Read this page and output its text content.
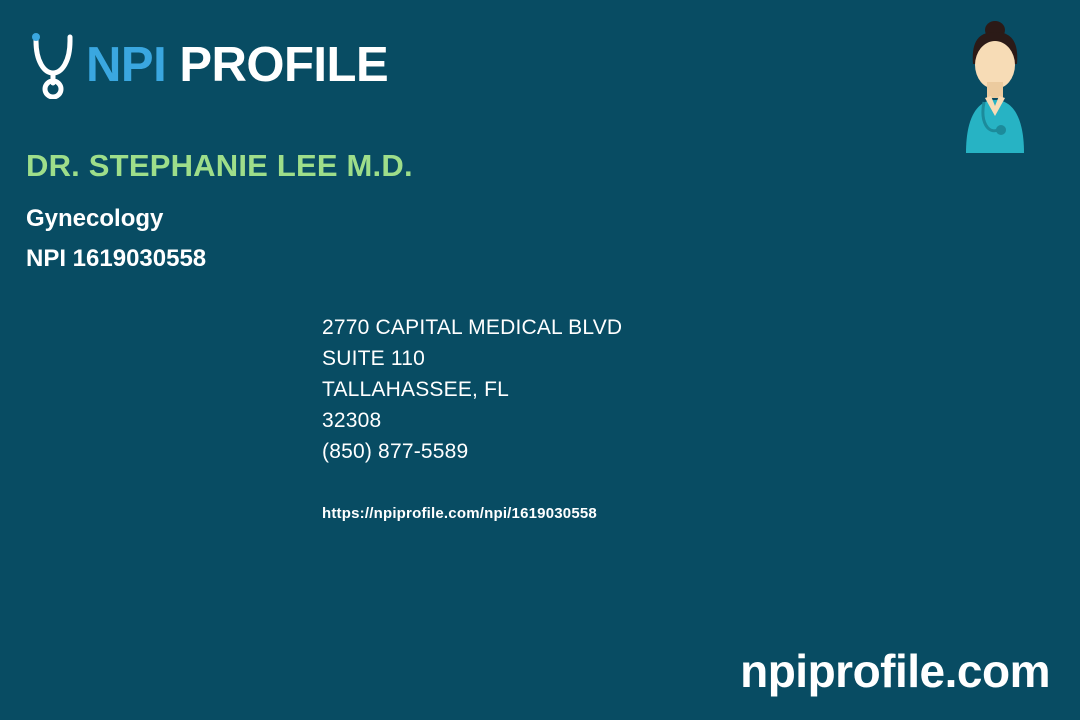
NPI PROFILE
DR. STEPHANIE LEE M.D.
Gynecology
NPI 1619030558
2770 CAPITAL MEDICAL BLVD
SUITE 110
TALLAHASSEE, FL
32308
(850) 877-5589
https://npiprofile.com/npi/1619030558
npiprofile.com
